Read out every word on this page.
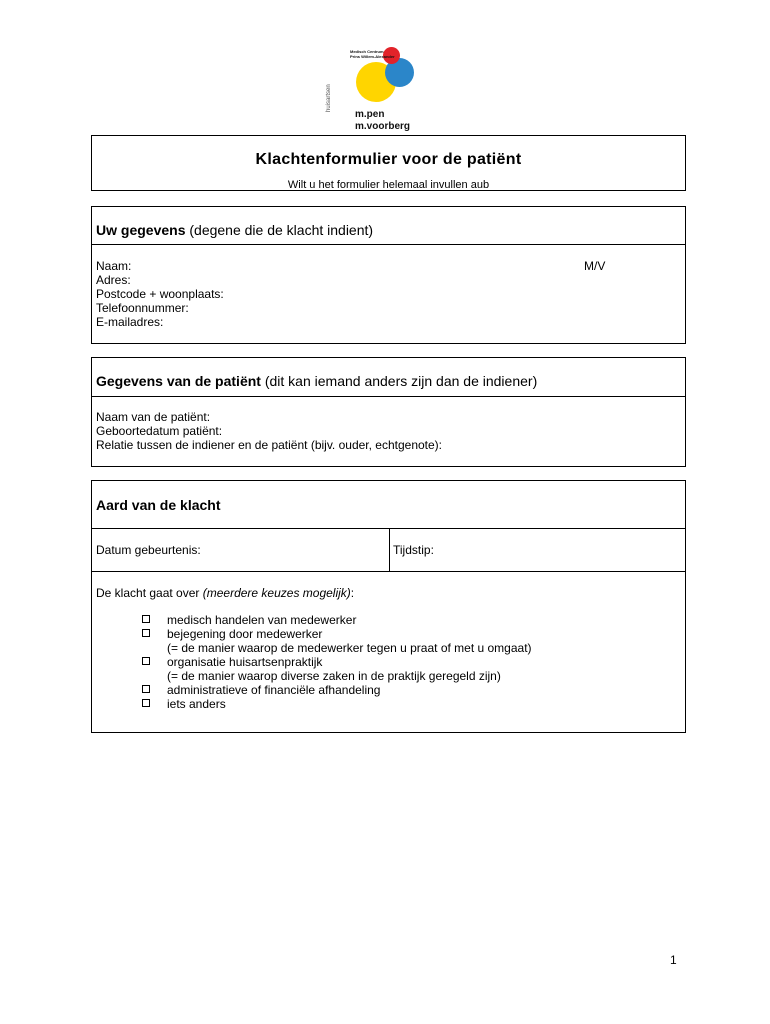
Medisch Centrum
Prins Willem-Alexander
huisartsen
m.pen
m.voorberg
Klachtenformulier voor de patiënt
Wilt u het formulier helemaal invullen aub
Uw gegevens (degene die de klacht indient)
Naam:
Adres:
Postcode + woonplaats:
Telefoonnummer:
E-mailadres:
M/V
Gegevens van de patiënt (dit kan iemand anders zijn dan de indiener)
Naam van de patiënt:
Geboortedatum patiënt:
Relatie tussen de indiener en de patiënt (bijv. ouder, echtgenote):
Aard van de klacht
Datum gebeurtenis:	Tijdstip:
De klacht gaat over (meerdere keuzes mogelijk):
medisch handelen van medewerker
bejegening door medewerker
(= de manier waarop de medewerker tegen u praat of met u omgaat)
organisatie huisartsenpraktijk
(= de manier waarop diverse zaken in de praktijk geregeld zijn)
administratieve of financiële afhandeling
iets anders
1
